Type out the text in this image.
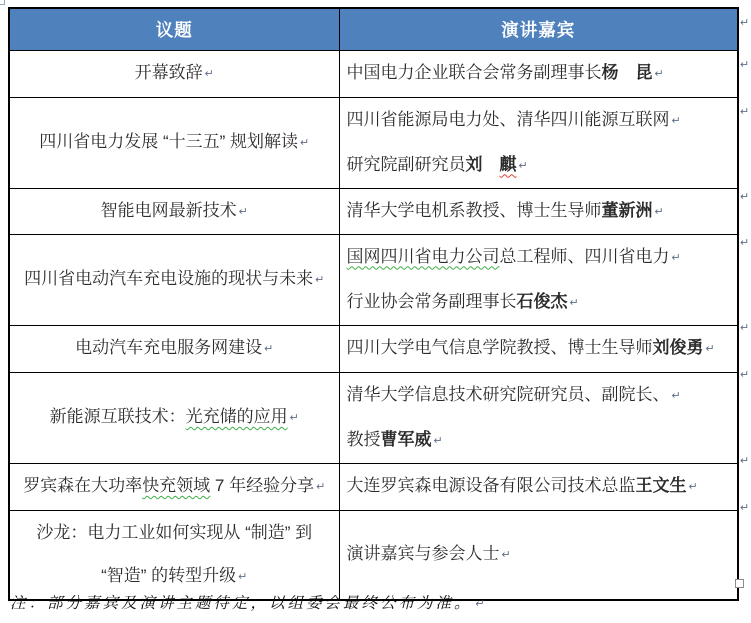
议题	演讲嘉宾

开幕致辞 ↵	中国电力企业联合会常务副理事长杨　昆 ↵

四川省电力发展 “十三五” 规划解读 ↵	四川省能源局电力处、清华四川能源互联网 ↵
研究院副研究员刘　麒 ↵

智能电网最新技术 ↵	清华大学电机系教授、博士生导师董新洲 ↵

四川省电动汽车充电设施的现状与未来 ↵	国网四川省电力公司总工程师、四川省电力 ↵
行业协会常务副理事长石俊杰 ↵

电动汽车充电服务网建设 ↵	四川大学电气信息学院教授、博士生导师刘俊勇 ↵

新能源互联技术：光充储的应用 ↵	清华大学信息技术研究院研究员、副院长、 ↵
教授曹军威 ↵

罗宾森在大功率快充领域 7 年经验分享 ↵	大连罗宾森电源设备有限公司技术总监王文生 ↵

沙龙：电力工业如何实现从 “制造” 到
“智造” 的转型升级 ↵	演讲嘉宾与参会人士 ↵
注：部分嘉宾及演讲主题待定，以组委会最终公布为准。 ↵
↵
↵
↵
↵
↵
↵
↵
↵
↵
